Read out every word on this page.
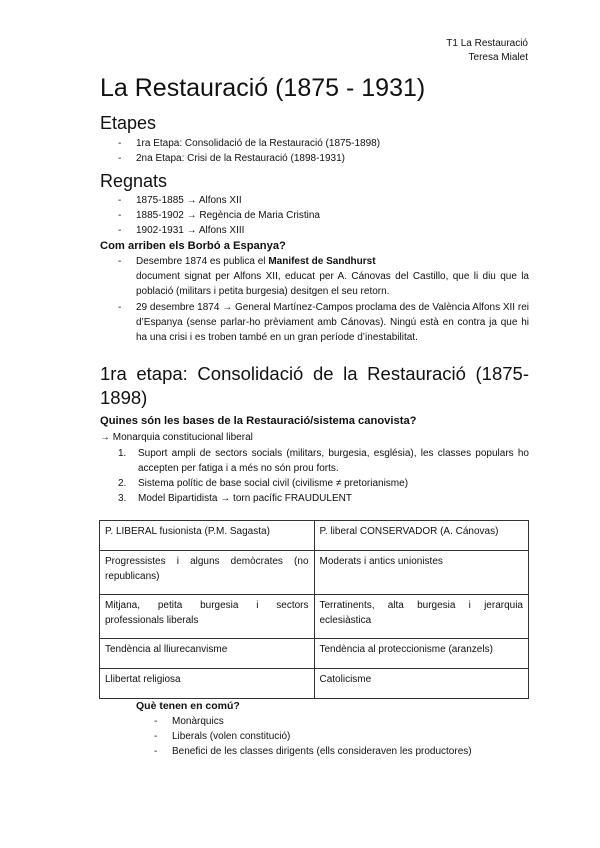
T1 La Restauració
Teresa Mialet
La Restauració (1875 - 1931)
Etapes
- 1ra Etapa: Consolidació de la Restauració (1875-1898)
- 2na Etapa: Crisi de la Restauració (1898-1931)
Regnats
- 1875-1885 → Alfons XII
- 1885-1902 → Regència de Maria Cristina
- 1902-1931 → Alfons XIII
Com arriben els Borbó a Espanya?
- Desembre 1874 es publica el Manifest de Sandhurst
document signat per Alfons XII, educat per A. Cánovas del Castillo, que li diu que la població (militars i petita burgesia) desitgen el seu retorn.
- 29 desembre 1874 → General Martínez-Campos proclama des de València Alfons XII rei d’Espanya (sense parlar-ho prèviament amb Cánovas). Ningú està en contra ja que hi ha una crisi i es troben també en un gran període d’inestabilitat.
1ra etapa: Consolidació de la Restauració (1875-1898)
Quines són les bases de la Restauració/sistema canovista?
→ Monarquia constitucional liberal
1. Suport ampli de sectors socials (militars, burgesia, església), les classes populars ho accepten per fatiga i a més no són prou forts.
2. Sistema polític de base social civil (civilisme ≠ pretorianisme)
3. Model Bipartidista → torn pacífic FRAUDULENT
P. LIBERAL fusionista (P.M. Sagasta)	P. liberal CONSERVADOR (A. Cánovas)
Progressistes i alguns demòcrates (no republicans)	Moderats i antics unionistes
Mitjana, petita burgesia i sectors professionals liberals	Terratinents, alta burgesia i jerarquia eclesiàstica
Tendència al lliurecanvisme	Tendència al proteccionisme (aranzels)
Llibertat religiosa	Catolicisme
Què tenen en comú?
- Monàrquics
- Liberals (volen constitució)
- Benefici de les classes dirigents (ells consideraven les productores)
